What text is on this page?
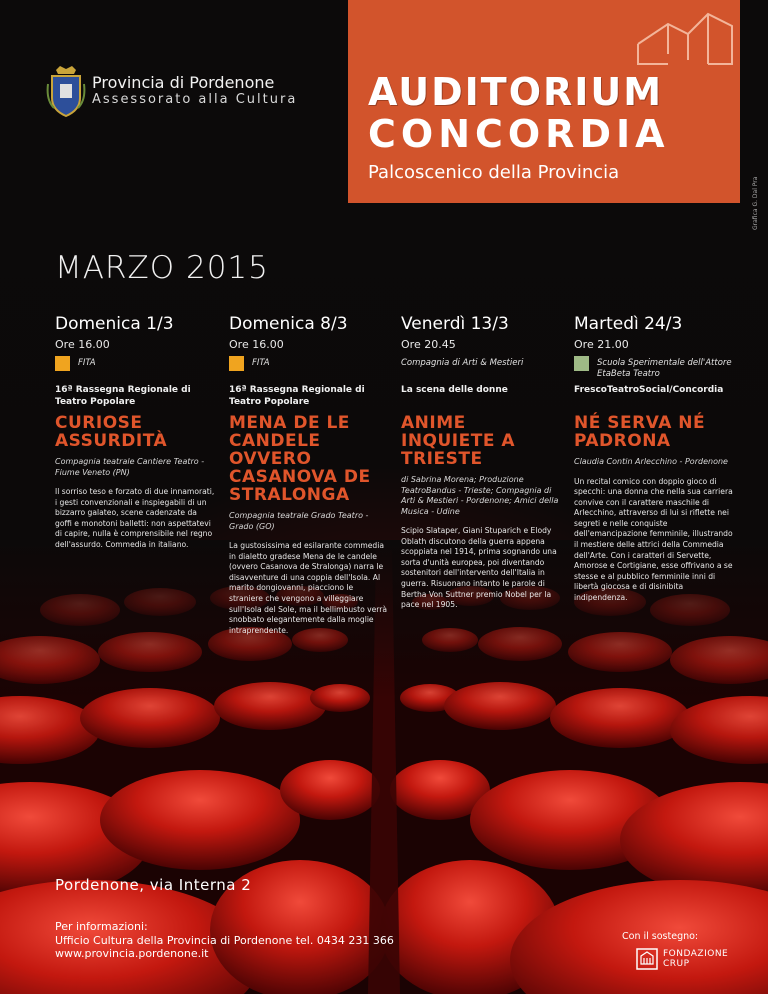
Provincia di Pordenone
Assessorato alla Cultura AUDITORIUM
CONCORDIA
Palcoscenico della Provincia
Grafica G. Dal Pra
MARZO 2015
Domenica 1/3
Ore 16.00
FITA
16ª Rassegna Regionale di Teatro Popolare
CURIOSE ASSURDITÀ
Compagnia teatrale Cantiere Teatro - Fiume Veneto (PN)
Il sorriso teso e forzato di due innamorati, i gesti convenzionali e inspiegabili di un bizzarro galateo, scene cadenzate da goffi e monotoni balletti: non aspettatevi di capire, nulla è comprensibile nel regno dell'assurdo. Commedia in italiano.
Domenica 8/3
Ore 16.00
FITA
16ª Rassegna Regionale di Teatro Popolare
MENA DE LE CANDELE OVVERO CASANOVA DE STRALONGA
Compagnia teatrale Grado Teatro - Grado (GO)
La gustosissima ed esilarante commedia in dialetto gradese Mena de le candele (ovvero Casanova de Stralonga) narra le disavventure di una coppia dell'Isola. Al marito dongiovanni, piacciono le straniere che vengono a villeggiare sull'Isola del Sole, ma il bellimbusto verrà snobbato elegantemente dalla moglie intraprendente.
Venerdì 13/3
Ore 20.45
Compagnia di Arti & Mestieri
La scena delle donne
ANIME INQUIETE A TRIESTE
di Sabrina Morena; Produzione TeatroBandus - Trieste; Compagnia di Arti & Mestieri - Pordenone; Amici della Musica - Udine
Scipio Slataper, Giani Stuparich e Elody Oblath discutono della guerra appena scoppiata nel 1914, prima sognando una sorta d'unità europea, poi diventando sostenitori dell'intervento dell'Italia in guerra. Risuonano intanto le parole di Bertha Von Suttner premio Nobel per la pace nel 1905.
Martedì 24/3
Ore 21.00
Scuola Sperimentale dell'Attore EtaBeta Teatro
FrescoTeatroSocial/Concordia
NÉ SERVA NÉ PADRONA
Claudia Contin Arlecchino - Pordenone
Un recital comico con doppio gioco di specchi: una donna che nella sua carriera convive con il carattere maschile di Arlecchino, attraverso di lui si riflette nei segreti e nelle conquiste dell'emancipazione femminile, illustrando il mestiere delle attrici della Commedia dell'Arte. Con i caratteri di Servette, Amorose e Cortigiane, esse offrivano a se stesse e al pubblico femminile inni di libertà giocosa e di disinibita indipendenza.
Pordenone, via Interna 2
Per informazioni:
Ufficio Cultura della Provincia di Pordenone tel. 0434 231 366
www.provincia.pordenone.it
Con il sostegno:
FONDAZIONE
CRUP
